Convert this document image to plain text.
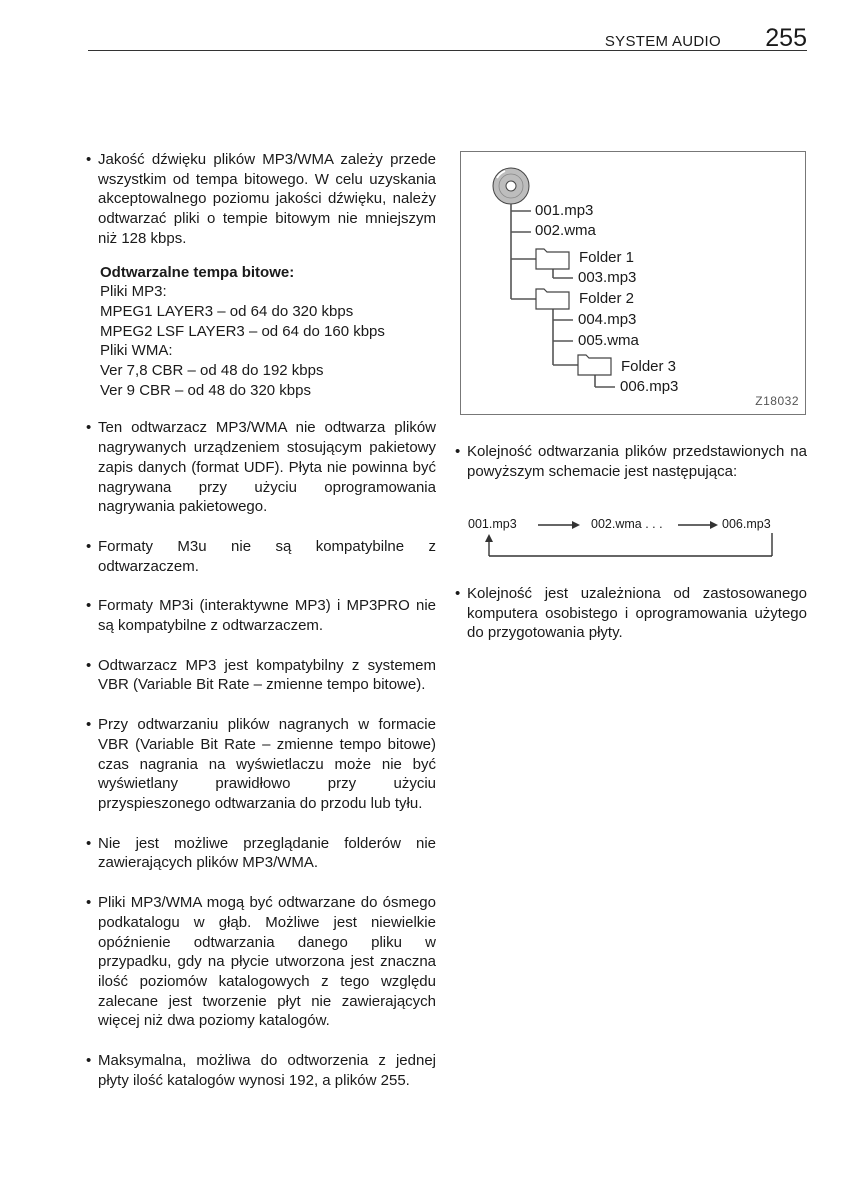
SYSTEM AUDIO 255

• Jakość dźwięku plików MP3/WMA zależy przede wszystkim od tempa bitowego. W celu uzyskania akceptowalnego poziomu jakości dźwięku, należy odtwarzać pliki o tempie bitowym nie mniejszym niż 128 kbps.

Odtwarzalne tempa bitowe:
Pliki MP3:
MPEG1 LAYER3 – od 64 do 320 kbps
MPEG2 LSF LAYER3 – od 64 do 160 kbps
Pliki WMA:
Ver 7,8 CBR – od 48 do 192 kbps
Ver 9 CBR – od 48 do 320 kbps

• Ten odtwarzacz MP3/WMA nie odtwarza plików nagrywanych urządzeniem stosującym pakietowy zapis danych (format UDF). Płyta nie powinna być nagrywana przy użyciu oprogramowania nagrywania pakietowego.

• Formaty M3u nie są kompatybilne z odtwarzaczem.

• Formaty MP3i (interaktywne MP3) i MP3PRO nie są kompatybilne z odtwarzaczem.

• Odtwarzacz MP3 jest kompatybilny z systemem VBR (Variable Bit Rate – zmienne tempo bitowe).

• Przy odtwarzaniu plików nagranych w formacie VBR (Variable Bit Rate – zmienne tempo bitowe) czas nagrania na wyświetlaczu może nie być wyświetlany prawidłowo przy użyciu przyspieszonego odtwarzania do przodu lub tyłu.

• Nie jest możliwe przeglądanie folderów nie zawierających plików MP3/WMA.

• Pliki MP3/WMA mogą być odtwarzane do ósmego podkatalogu w głąb. Możliwe jest niewielkie opóźnienie odtwarzania danego pliku w przypadku, gdy na płycie utworzona jest znaczna ilość poziomów katalogowych z tego względu zalecane jest tworzenie płyt nie zawierających więcej niż dwa poziomy katalogów.

• Maksymalna, możliwa do odtworzenia z jednej płyty ilość katalogów wynosi 192, a plików 255.

001.mp3
002.wma
Folder 1
003.mp3
Folder 2
004.mp3
005.wma
Folder 3
006.mp3
Z18032

• Kolejność odtwarzania plików przedstawionych na powyższym schemacie jest następująca:

001.mp3	002.wma . . .	006.mp3

• Kolejność jest uzależniona od zastosowanego komputera osobistego i oprogramowania użytego do przygotowania płyty.
